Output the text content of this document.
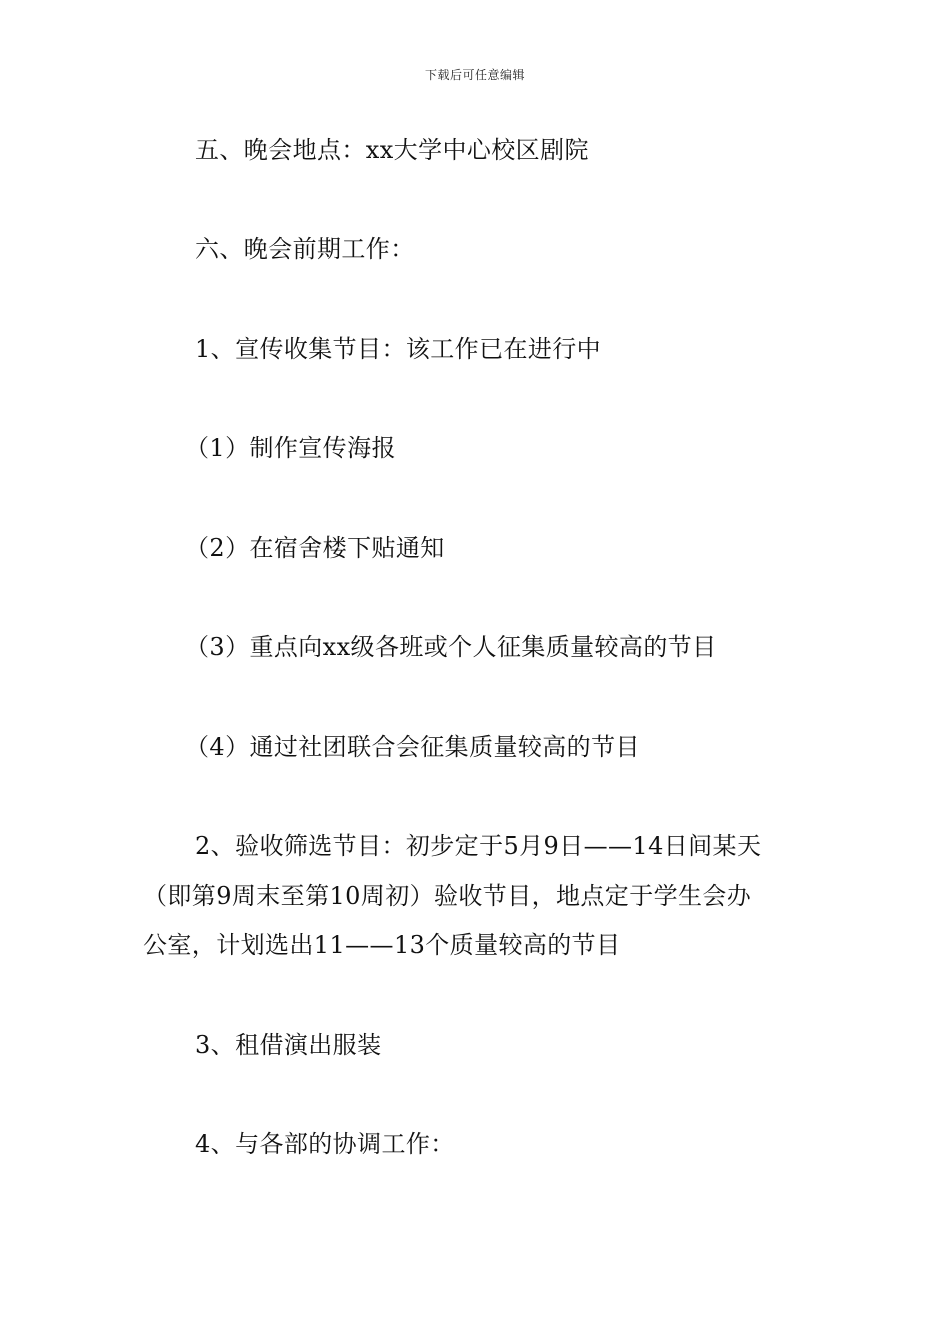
下载后可任意编辑
五、晚会地点：xx大学中心校区剧院
六、晚会前期工作：
1、宣传收集节目：该工作已在进行中
（1）制作宣传海报
（2）在宿舍楼下贴通知
（3）重点向xx级各班或个人征集质量较高的节目
（4）通过社团联合会征集质量较高的节目
2、验收筛选节目：初步定于5月9日——14日间某天
（即第9周末至第10周初）验收节目，地点定于学生会办
公室，计划选出11——13个质量较高的节目
3、租借演出服装
4、与各部的协调工作：
